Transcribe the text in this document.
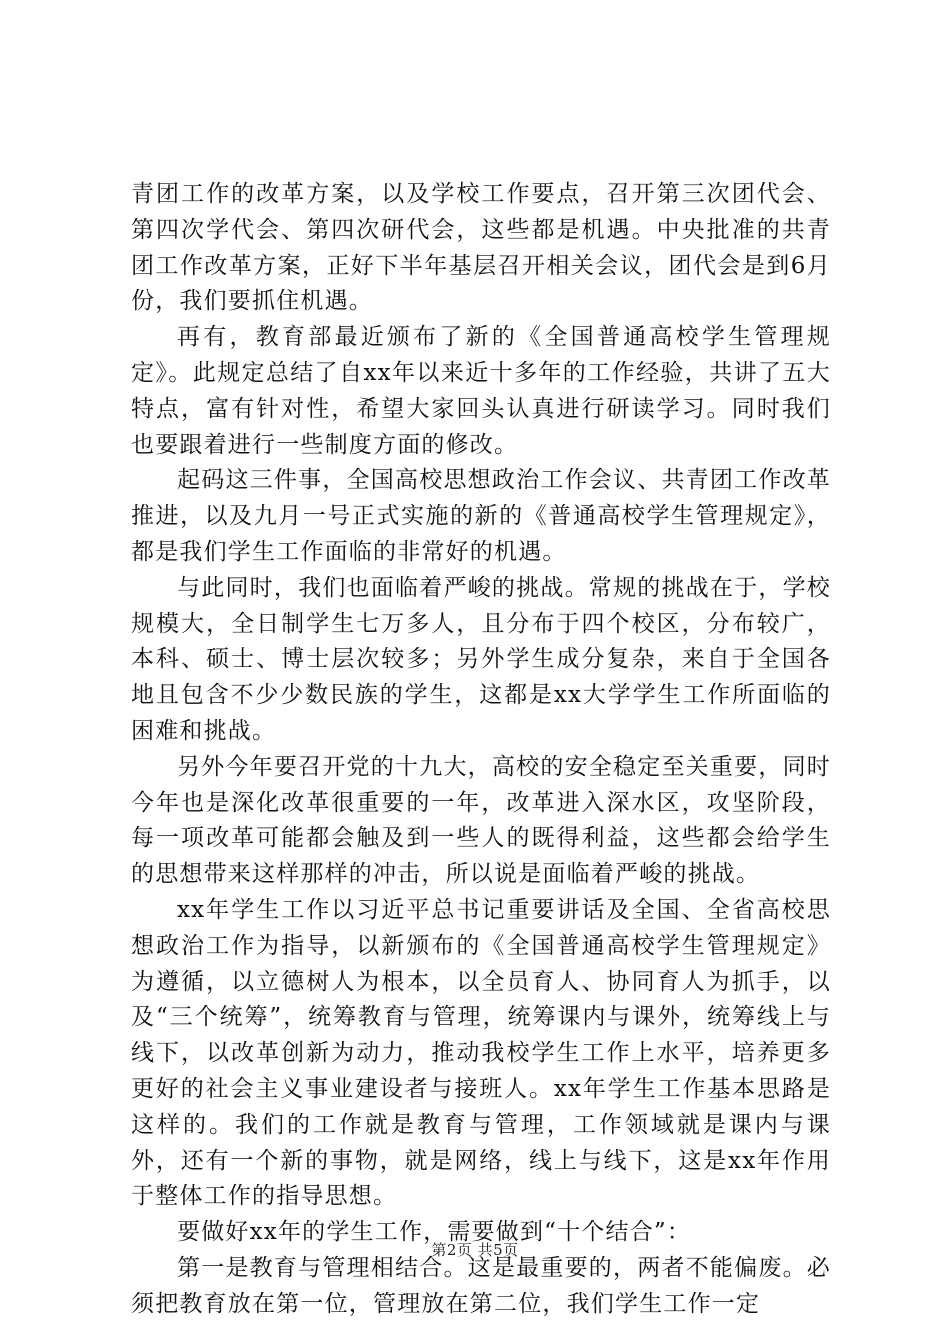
青团工作的改革方案，以及学校工作要点，召开第三次团代会、第四次学代会、第四次研代会，这些都是机遇。中央批准的共青团工作改革方案，正好下半年基层召开相关会议，团代会是到6月份，我们要抓住机遇。

再有，教育部最近颁布了新的《全国普通高校学生管理规定》。此规定总结了自xx年以来近十多年的工作经验，共讲了五大特点，富有针对性，希望大家回头认真进行研读学习。同时我们也要跟着进行一些制度方面的修改。

起码这三件事，全国高校思想政治工作会议、共青团工作改革推进，以及九月一号正式实施的新的《普通高校学生管理规定》，都是我们学生工作面临的非常好的机遇。

与此同时，我们也面临着严峻的挑战。常规的挑战在于，学校规模大，全日制学生七万多人，且分布于四个校区，分布较广，本科、硕士、博士层次较多；另外学生成分复杂，来自于全国各地且包含不少少数民族的学生，这都是xx大学学生工作所面临的困难和挑战。

另外今年要召开党的十九大，高校的安全稳定至关重要，同时今年也是深化改革很重要的一年，改革进入深水区，攻坚阶段，每一项改革可能都会触及到一些人的既得利益，这些都会给学生的思想带来这样那样的冲击，所以说是面临着严峻的挑战。

xx年学生工作以习近平总书记重要讲话及全国、全省高校思想政治工作为指导，以新颁布的《全国普通高校学生管理规定》为遵循，以立德树人为根本，以全员育人、协同育人为抓手，以及“三个统筹”，统筹教育与管理，统筹课内与课外，统筹线上与线下，以改革创新为动力，推动我校学生工作上水平，培养更多更好的社会主义事业建设者与接班人。xx年学生工作基本思路是这样的。我们的工作就是教育与管理，工作领域就是课内与课外，还有一个新的事物，就是网络，线上与线下，这是xx年作用于整体工作的指导思想。

要做好xx年的学生工作，需要做到“十个结合”：

第一是教育与管理相结合。这是最重要的，两者不能偏废。必须把教育放在第一位，管理放在第二位，我们学生工作一定

第2页 共5页
